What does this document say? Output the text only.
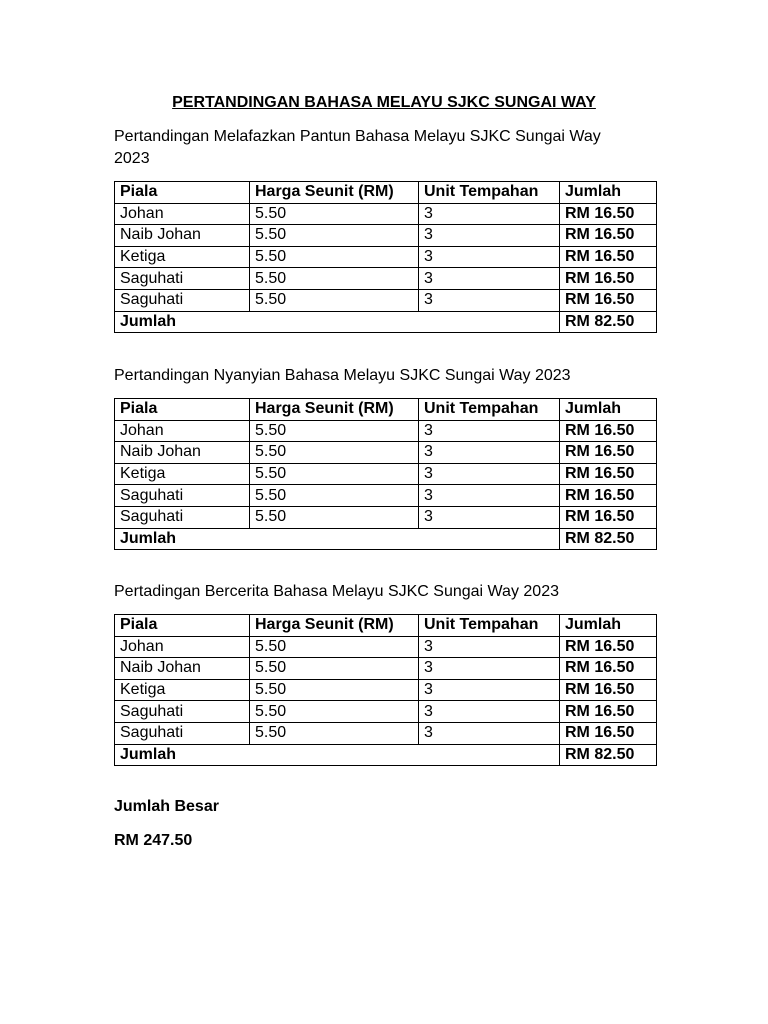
PERTANDINGAN BAHASA MELAYU SJKC SUNGAI WAY
Pertandingan Melafazkan Pantun Bahasa Melayu SJKC Sungai Way
2023
Piala	Harga Seunit (RM)	Unit Tempahan	Jumlah
Johan	5.50	3	RM 16.50
Naib Johan	5.50	3	RM 16.50
Ketiga	5.50	3	RM 16.50
Saguhati	5.50	3	RM 16.50
Saguhati	5.50	3	RM 16.50
Jumlah			RM 82.50
Pertandingan Nyanyian Bahasa Melayu SJKC Sungai Way 2023
Piala	Harga Seunit (RM)	Unit Tempahan	Jumlah
Johan	5.50	3	RM 16.50
Naib Johan	5.50	3	RM 16.50
Ketiga	5.50	3	RM 16.50
Saguhati	5.50	3	RM 16.50
Saguhati	5.50	3	RM 16.50
Jumlah			RM 82.50
Pertadingan Bercerita Bahasa Melayu SJKC Sungai Way 2023
Piala	Harga Seunit (RM)	Unit Tempahan	Jumlah
Johan	5.50	3	RM 16.50
Naib Johan	5.50	3	RM 16.50
Ketiga	5.50	3	RM 16.50
Saguhati	5.50	3	RM 16.50
Saguhati	5.50	3	RM 16.50
Jumlah			RM 82.50
Jumlah Besar
RM 247.50
